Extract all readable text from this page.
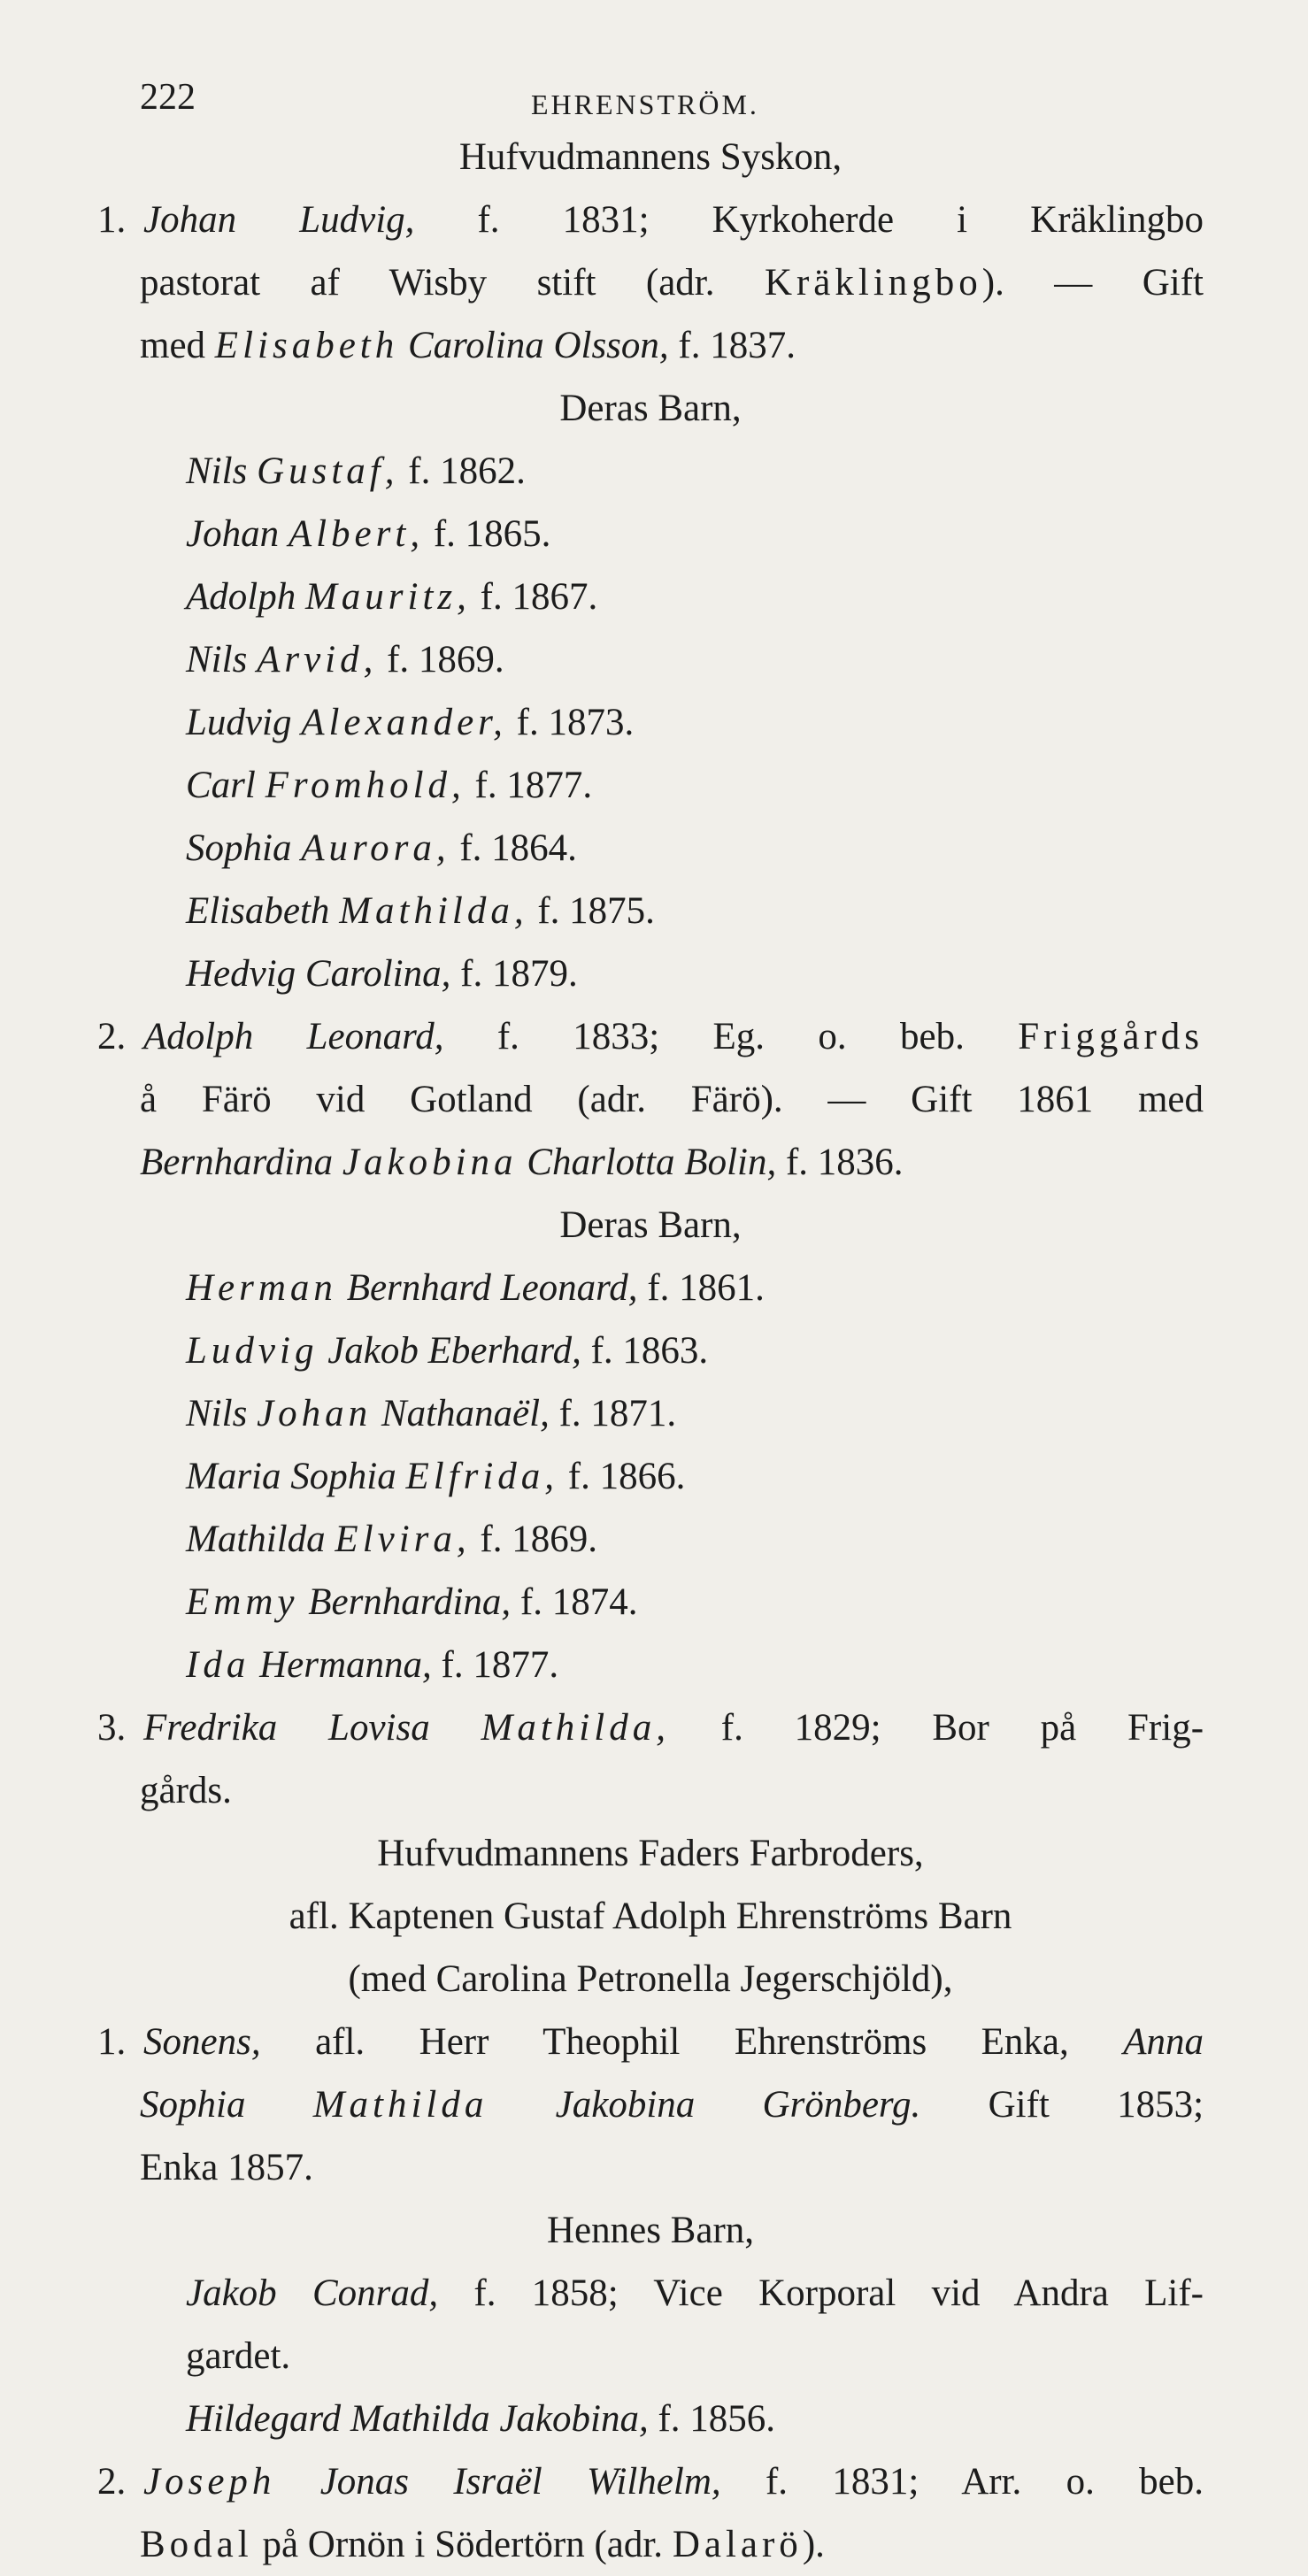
222	EHRENSTRÖM.
Hufvudmannens Syskon,
1. Johan Ludvig, f. 1831; Kyrkoherde i Kräklingbo
pastorat af Wisby stift (adr. Kräklingbo). — Gift
med Elisabeth Carolina Olsson, f. 1837.
Deras Barn,
Nils Gustaf, f. 1862.
Johan Albert, f. 1865.
Adolph Mauritz, f. 1867.
Nils Arvid, f. 1869.
Ludvig Alexander, f. 1873.
Carl Fromhold, f. 1877.
Sophia Aurora, f. 1864.
Elisabeth Mathilda, f. 1875.
Hedvig Carolina, f. 1879.
2. Adolph Leonard, f. 1833; Eg. o. beb. Friggårds
å Färö vid Gotland (adr. Färö). — Gift 1861 med
Bernhardina Jakobina Charlotta Bolin, f. 1836.
Deras Barn,
Herman Bernhard Leonard, f. 1861.
Ludvig Jakob Eberhard, f. 1863.
Nils Johan Nathanaël, f. 1871.
Maria Sophia Elfrida, f. 1866.
Mathilda Elvira, f. 1869.
Emmy Bernhardina, f. 1874.
Ida Hermanna, f. 1877.
3. Fredrika Lovisa Mathilda, f. 1829; Bor på Frig-
gårds.
Hufvudmannens Faders Farbroders,
afl. Kaptenen Gustaf Adolph Ehrenströms Barn
(med Carolina Petronella Jegerschjöld),
1. Sonens, afl. Herr Theophil Ehrenströms Enka, Anna
Sophia Mathilda Jakobina Grönberg. Gift 1853;
Enka 1857.
Hennes Barn,
Jakob Conrad, f. 1858; Vice Korporal vid Andra Lif-
gardet.
Hildegard Mathilda Jakobina, f. 1856.
2. Joseph Jonas Israël Wilhelm, f. 1831; Arr. o. beb.
Bodal på Ornön i Södertörn (adr. Dalarö).
